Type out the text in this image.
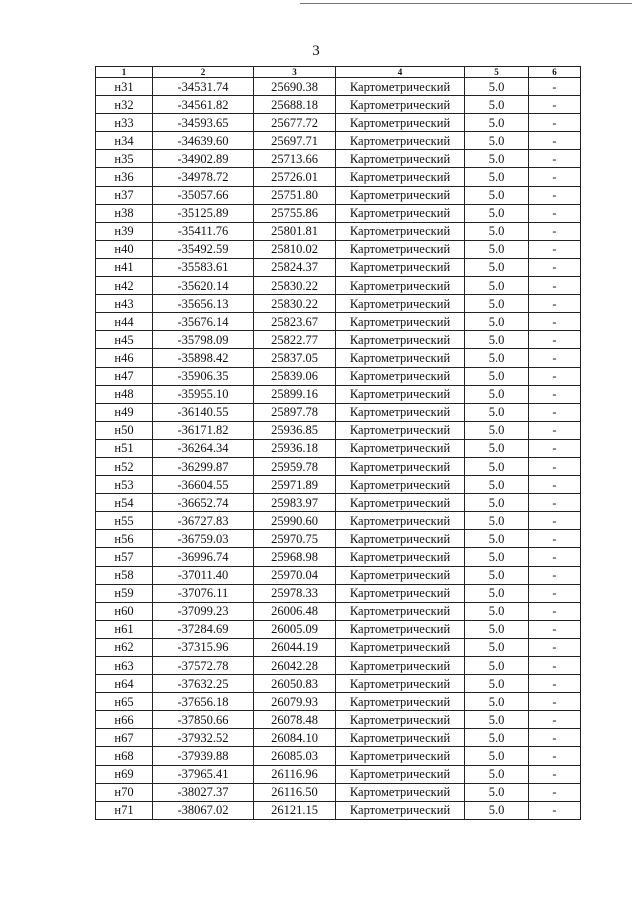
3
1	2	3	4	5	6
н31	-34531.74	25690.38	Картометрический	5.0	-
н32	-34561.82	25688.18	Картометрический	5.0	-
н33	-34593.65	25677.72	Картометрический	5.0	-
н34	-34639.60	25697.71	Картометрический	5.0	-
н35	-34902.89	25713.66	Картометрический	5.0	-
н36	-34978.72	25726.01	Картометрический	5.0	-
н37	-35057.66	25751.80	Картометрический	5.0	-
н38	-35125.89	25755.86	Картометрический	5.0	-
н39	-35411.76	25801.81	Картометрический	5.0	-
н40	-35492.59	25810.02	Картометрический	5.0	-
н41	-35583.61	25824.37	Картометрический	5.0	-
н42	-35620.14	25830.22	Картометрический	5.0	-
н43	-35656.13	25830.22	Картометрический	5.0	-
н44	-35676.14	25823.67	Картометрический	5.0	-
н45	-35798.09	25822.77	Картометрический	5.0	-
н46	-35898.42	25837.05	Картометрический	5.0	-
н47	-35906.35	25839.06	Картометрический	5.0	-
н48	-35955.10	25899.16	Картометрический	5.0	-
н49	-36140.55	25897.78	Картометрический	5.0	-
н50	-36171.82	25936.85	Картометрический	5.0	-
н51	-36264.34	25936.18	Картометрический	5.0	-
н52	-36299.87	25959.78	Картометрический	5.0	-
н53	-36604.55	25971.89	Картометрический	5.0	-
н54	-36652.74	25983.97	Картометрический	5.0	-
н55	-36727.83	25990.60	Картометрический	5.0	-
н56	-36759.03	25970.75	Картометрический	5.0	-
н57	-36996.74	25968.98	Картометрический	5.0	-
н58	-37011.40	25970.04	Картометрический	5.0	-
н59	-37076.11	25978.33	Картометрический	5.0	-
н60	-37099.23	26006.48	Картометрический	5.0	-
н61	-37284.69	26005.09	Картометрический	5.0	-
н62	-37315.96	26044.19	Картометрический	5.0	-
н63	-37572.78	26042.28	Картометрический	5.0	-
н64	-37632.25	26050.83	Картометрический	5.0	-
н65	-37656.18	26079.93	Картометрический	5.0	-
н66	-37850.66	26078.48	Картометрический	5.0	-
н67	-37932.52	26084.10	Картометрический	5.0	-
н68	-37939.88	26085.03	Картометрический	5.0	-
н69	-37965.41	26116.96	Картометрический	5.0	-
н70	-38027.37	26116.50	Картометрический	5.0	-
н71	-38067.02	26121.15	Картометрический	5.0	-
